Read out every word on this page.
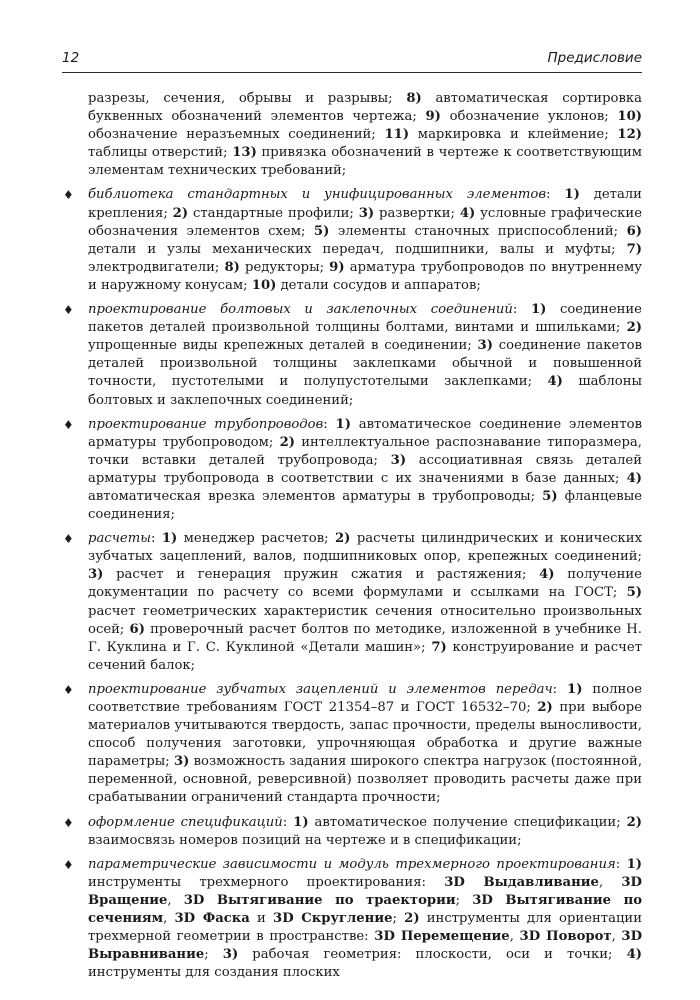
12	Предисловие

разрезы, сечения, обрывы и разрывы; 8) автоматическая сортировка буквенных обозначений элементов чертежа; 9) обозначение уклонов; 10) обозначение неразъемных соединений; 11) маркировка и клеймение; 12) таблицы отверстий; 13) привязка обозначений в чертеже к соответствующим элементам технических требований;

♦ библиотека стандартных и унифицированных элементов: 1) детали крепления; 2) стандартные профили; 3) развертки; 4) условные графические обозначения элементов схем; 5) элементы станочных приспособлений; 6) детали и узлы механических передач, подшипники, валы и муфты; 7) электродвигатели; 8) редукторы; 9) арматура трубопроводов по внутреннему и наружному конусам; 10) детали сосудов и аппаратов;
♦ проектирование болтовых и заклепочных соединений: 1) соединение пакетов деталей произвольной толщины болтами, винтами и шпильками; 2) упрощенные виды крепежных деталей в соединении; 3) соединение пакетов деталей произвольной толщины заклепками обычной и повышенной точности, пустотелыми и полупустотелыми заклепками; 4) шаблоны болтовых и заклепочных соединений;
♦ проектирование трубопроводов: 1) автоматическое соединение элементов арматуры трубопроводом; 2) интеллектуальное распознавание типоразмера, точки вставки деталей трубопровода; 3) ассоциативная связь деталей арматуры трубопровода в соответствии с их значениями в базе данных; 4) автоматическая врезка элементов арматуры в трубопроводы; 5) фланцевые соединения;
♦ расчеты: 1) менеджер расчетов; 2) расчеты цилиндрических и конических зубчатых зацеплений, валов, подшипниковых опор, крепежных соединений; 3) расчет и генерация пружин сжатия и растяжения; 4) получение документации по расчету со всеми формулами и ссылками на ГОСТ; 5) расчет геометрических характеристик сечения относительно произвольных осей; 6) проверочный расчет болтов по методике, изложенной в учебнике Н. Г. Куклина и Г. С. Куклиной «Детали машин»; 7) конструирование и расчет сечений балок;
♦ проектирование зубчатых зацеплений и элементов передач: 1) полное соответствие требованиям ГОСТ 21354–87 и ГОСТ 16532–70; 2) при выборе материалов учитываются твердость, запас прочности, пределы выносливости, способ получения заготовки, упрочняющая обработка и другие важные параметры; 3) возможность задания широкого спектра нагрузок (постоянной, переменной, основной, реверсивной) позволяет проводить расчеты даже при срабатывании ограничений стандарта прочности;
♦ оформление спецификаций: 1) автоматическое получение спецификации; 2) взаимосвязь номеров позиций на чертеже и в спецификации;
♦ параметрические зависимости и модуль трехмерного проектирования: 1) инструменты трехмерного проектирования: 3D Выдавливание, 3D Вращение, 3D Вытягивание по траектории; 3D Вытягивание по сечениям, 3D Фаска и 3D Скругление; 2) инструменты для ориентации трехмерной геометрии в пространстве: 3D Перемещение, 3D Поворот, 3D Выравнивание; 3) рабочая геометрия: плоскости, оси и точки; 4) инструменты для создания плоских
